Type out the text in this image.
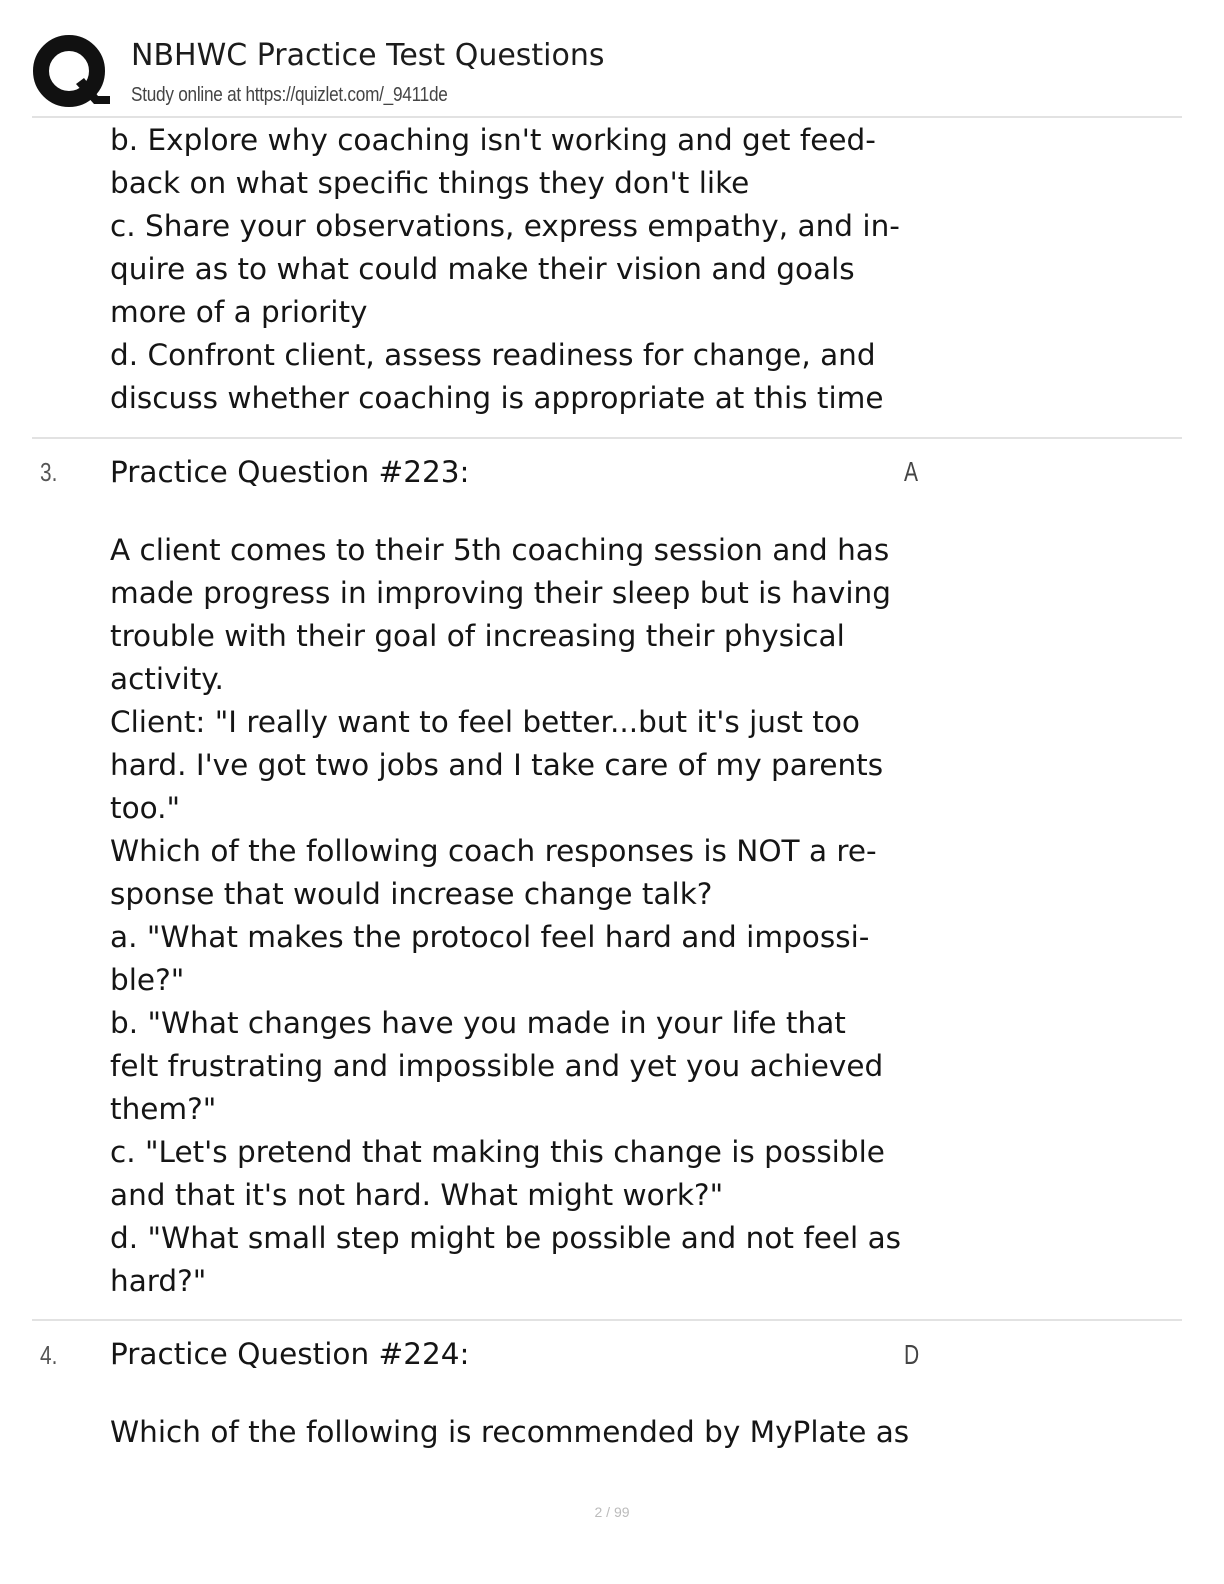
NBHWC Practice Test Questions
Study online at https://quizlet.com/_9411de
b. Explore why coaching isn't working and get feed-
back on what specific things they don't like
c. Share your observations, express empathy, and in-
quire as to what could make their vision and goals
more of a priority
d. Confront client, assess readiness for change, and
discuss whether coaching is appropriate at this time
3. Practice Question #223:	A
A client comes to their 5th coaching session and has
made progress in improving their sleep but is having
trouble with their goal of increasing their physical
activity.
Client: "I really want to feel better...but it's just too
hard. I've got two jobs and I take care of my parents
too."
Which of the following coach responses is NOT a re-
sponse that would increase change talk?
a. "What makes the protocol feel hard and impossi-
ble?"
b. "What changes have you made in your life that
felt frustrating and impossible and yet you achieved
them?"
c. "Let's pretend that making this change is possible
and that it's not hard. What might work?"
d. "What small step might be possible and not feel as
hard?"
4. Practice Question #224:	D
Which of the following is recommended by MyPlate as
2 / 99
